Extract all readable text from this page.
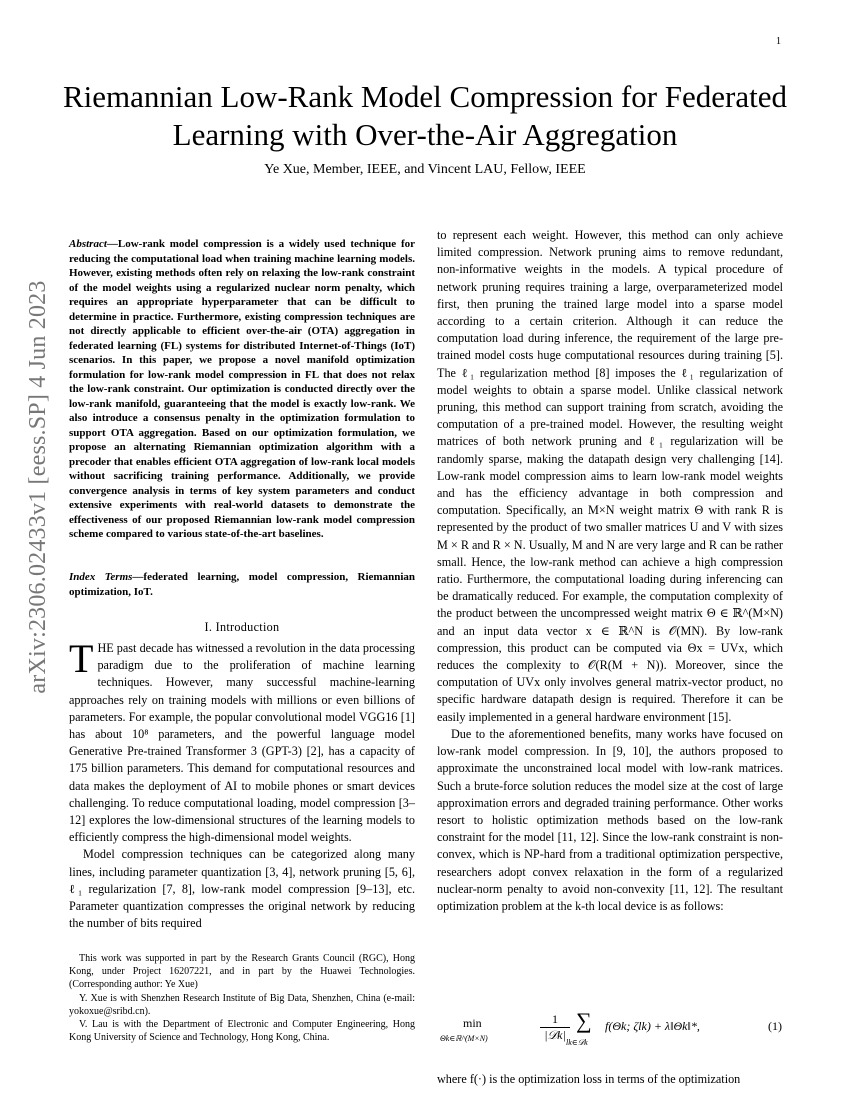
1
arXiv:2306.02433v1 [eess.SP] 4 Jun 2023
Riemannian Low-Rank Model Compression for Federated Learning with Over-the-Air Aggregation
Ye Xue, Member, IEEE, and Vincent LAU, Fellow, IEEE
Abstract—Low-rank model compression is a widely used technique for reducing the computational load when training machine learning models. However, existing methods often rely on relaxing the low-rank constraint of the model weights using a regularized nuclear norm penalty, which requires an appropriate hyperparameter that can be difficult to determine in practice. Furthermore, existing compression techniques are not directly applicable to efficient over-the-air (OTA) aggregation in federated learning (FL) systems for distributed Internet-of-Things (IoT) scenarios. In this paper, we propose a novel manifold optimization formulation for low-rank model compression in FL that does not relax the low-rank constraint. Our optimization is conducted directly over the low-rank manifold, guaranteeing that the model is exactly low-rank. We also introduce a consensus penalty in the optimization formulation to support OTA aggregation. Based on our optimization formulation, we propose an alternating Riemannian optimization algorithm with a precoder that enables efficient OTA aggregation of low-rank local models without sacrificing training performance. Additionally, we provide convergence analysis in terms of key system parameters and conduct extensive experiments with real-world datasets to demonstrate the effectiveness of our proposed Riemannian low-rank model compression scheme compared to various state-of-the-art baselines.
Index Terms—federated learning, model compression, Riemannian optimization, IoT.
I. Introduction

THE past decade has witnessed a revolution in the data processing paradigm due to the proliferation of machine learning techniques. However, many successful machine-learning approaches rely on training models with millions or even billions of parameters. For example, the popular convolutional model VGG16 [1] has about 10⁸ parameters, and the powerful language model Generative Pre-trained Transformer 3 (GPT-3) [2], has a capacity of 175 billion parameters. This demand for computational resources and data makes the deployment of AI to mobile phones or smart devices challenging. To reduce computational loading, model compression [3–12] explores the low-dimensional structures of the learning models to efficiently compress the high-dimensional model weights.

Model compression techniques can be categorized along many lines, including parameter quantization [3, 4], network pruning [5, 6], ℓ₁ regularization [7, 8], low-rank model compression [9–13], etc. Parameter quantization compresses the original network by reducing the number of bits required

This work was supported in part by the Research Grants Council (RGC), Hong Kong, under Project 16207221, and in part by the Huawei Technologies. (Corresponding author: Ye Xue)

Y. Xue is with Shenzhen Research Institute of Big Data, Shenzhen, China (e-mail: yokoxue@sribd.cn).

V. Lau is with the Department of Electronic and Computer Engineering, Hong Kong University of Science and Technology, Hong Kong, China.

to represent each weight. However, this method can only achieve limited compression. Network pruning aims to remove redundant, non-informative weights in the models. A typical procedure of network pruning requires training a large, overparameterized model first, then pruning the trained large model into a sparse model according to a certain criterion. Although it can reduce the computation load during inference, the requirement of the large pre-trained model costs huge computational resources during training [5]. The ℓ₁ regularization method [8] imposes the ℓ₁ regularization of model weights to obtain a sparse model. Unlike classical network pruning, this method can support training from scratch, avoiding the computation of a pre-trained model. However, the resulting weight matrices of both network pruning and ℓ₁ regularization will be randomly sparse, making the datapath design very challenging [14]. Low-rank model compression aims to learn low-rank model weights and has the efficiency advantage in both compression and computation. Specifically, an M×N weight matrix Θ with rank R is represented by the product of two smaller matrices U and V with sizes M × R and R × N. Usually, M and N are very large and R can be rather small. Hence, the low-rank method can achieve a high compression ratio. Furthermore, the computational loading during inferencing can be dramatically reduced. For example, the computation complexity of the product between the uncompressed weight matrix Θ ∈ ℝ^(M×N) and an input data vector x ∈ ℝ^N is 𝒪(MN). By low-rank compression, this product can be computed via Θx = UVx, which reduces the complexity to 𝒪(R(M + N)). Moreover, since the computation of UVx only involves general matrix-vector product, no specific hardware datapath design is required. Therefore it can be easily implemented in a general hardware environment [15].

Due to the aforementioned benefits, many works have focused on low-rank model compression. In [9, 10], the authors proposed to approximate the unconstrained local model with low-rank matrices. Such a brute-force solution reduces the model size at the cost of large approximation errors and degraded training performance. Other works resort to holistic optimization methods based on the low-rank constraint for the model [11, 12]. Since the low-rank constraint is non-convex, which is NP-hard from a traditional optimization perspective, researchers adopt convex relaxation in the form of a regularized nuclear-norm penalty to avoid non-convexity [11, 12]. The resultant optimization problem at the k-th local device is as follows:

min
Θk∈ℝ^(M×N)
1
|𝒟k|
∑
lk∈𝒟k
f(Θk; ζlk) + λ‖Θk‖*,	(1)
where f(·) is the optimization loss in terms of the optimization
